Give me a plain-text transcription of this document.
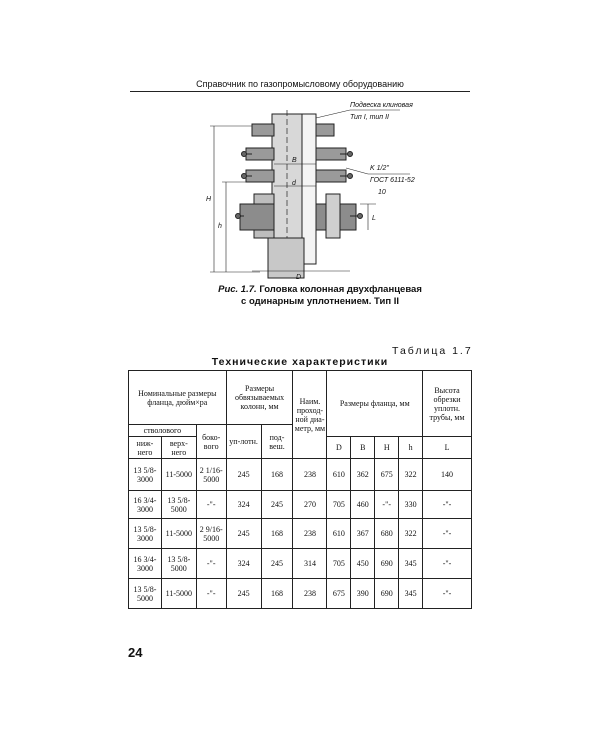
Справочник по газопромысловому оборудованию
Подвеска клиновая
Тип I, тип II
K 1/2"
ГОСТ 6111-52
H
h
B
d
D
L
10
Рис. 1.7. Головка колонная двухфланцевая
с одинарным уплотнением. Тип II
Таблица 1.7
Технические характеристики
Номинальные размеры фланца, дюйм×ра			Размеры обвязываемых колонн, мм		Наим. проход-ной диа-метр, мм	Размеры фланца, мм				Высота обрезки уплотн. трубы, мм
стволового		боко-вого	уп-лотн.	под-веш.						
ниж-него	верх-него					D	B	H	h	L
13 5/8-3000	11-5000	2 1/16-5000	245	168	238	610	362	675	322	140
16 3/4-3000	13 5/8-5000	-"-	324	245	270	705	460	-"-	330	-"-
13 5/8-3000	11-5000	2 9/16-5000	245	168	238	610	367	680	322	-"-
16 3/4-3000	13 5/8-5000	-"-	324	245	314	705	450	690	345	-"-
13 5/8-5000	11-5000	-"-	245	168	238	675	390	690	345	-"-
24
